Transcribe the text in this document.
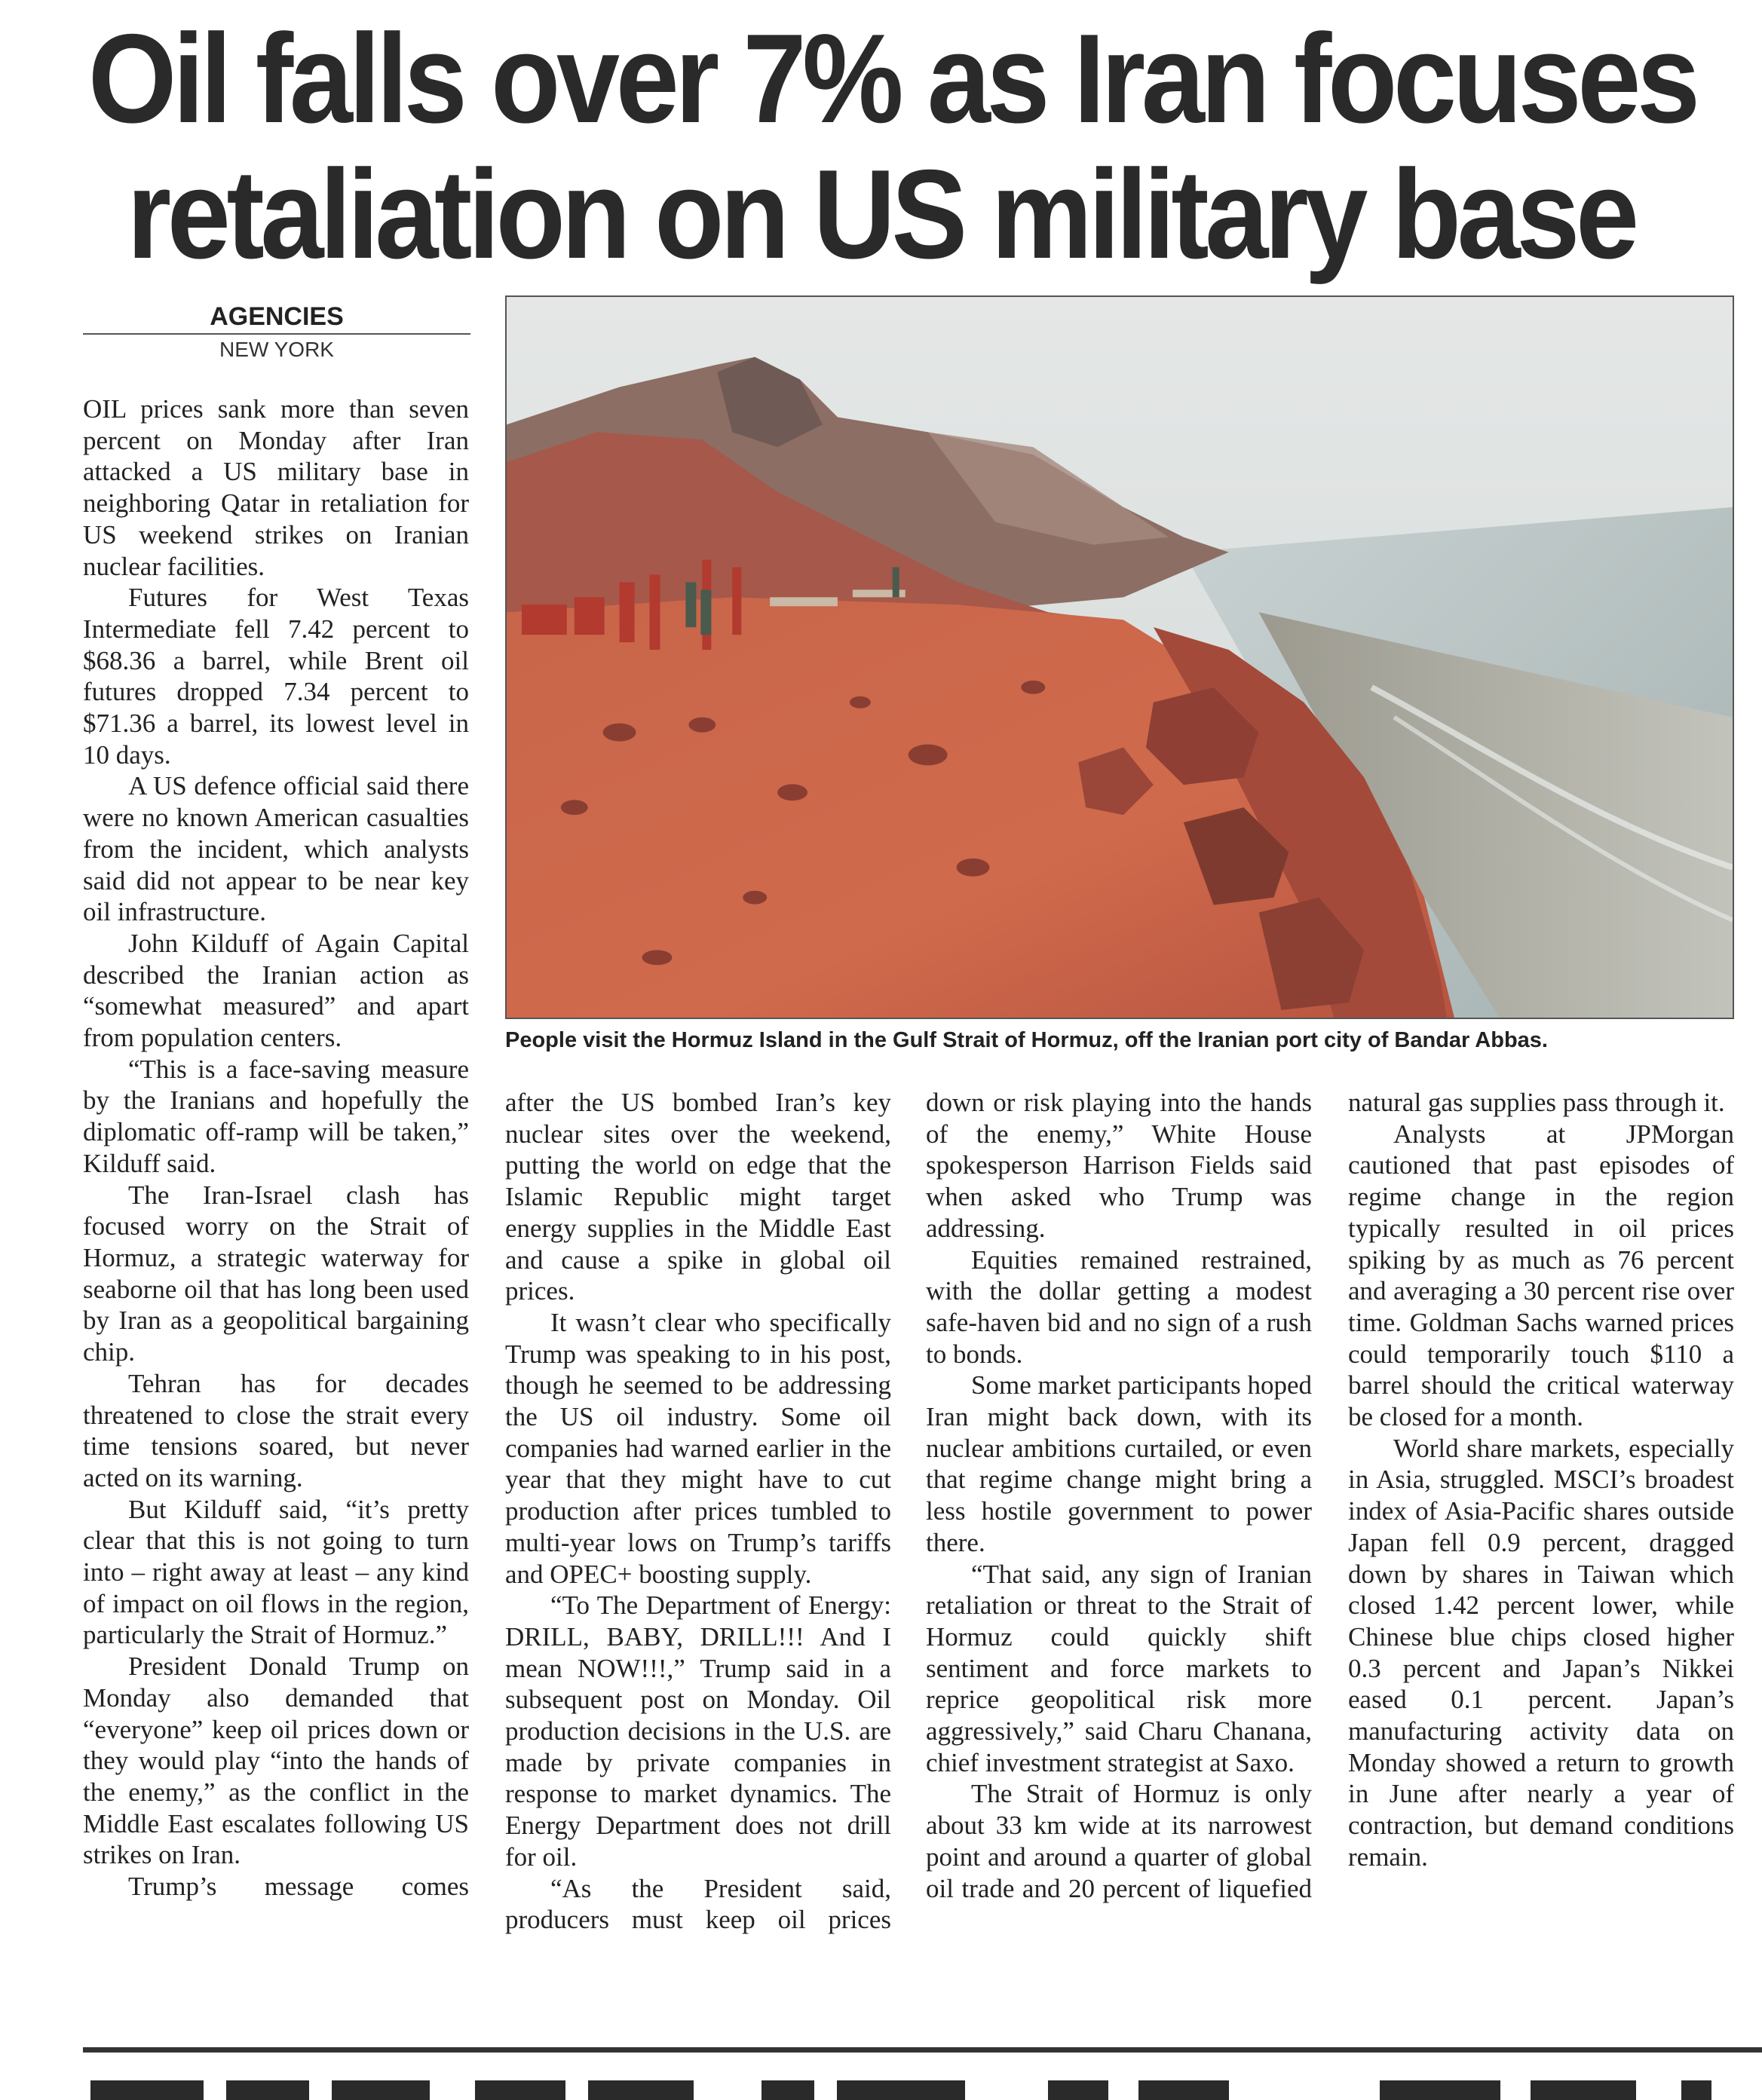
Oil falls over 7% as Iran focuses
retaliation on US military base
AGENCIES
NEW YORK
People visit the Hormuz Island in the Gulf Strait of Hormuz, off the Iranian port city of Bandar Abbas.

OIL prices sank more than seven percent on Monday after Iran attacked a US military base in neighboring Qatar in retaliation for US weekend strikes on Iranian nuclear facilities.

Futures for West Texas Intermediate fell 7.42 percent to $68.36 a barrel, while Brent oil futures dropped 7.34 percent to $71.36 a barrel, its lowest level in 10 days.

A US defence official said there were no known American casualties from the incident, which analysts said did not appear to be near key oil infrastructure.

John Kilduff of Again Capital described the Iranian action as “somewhat measured” and apart from population centers.

“This is a face-saving measure by the Iranians and hopefully the diplomatic off-ramp will be taken,” Kilduff said.

The Iran-Israel clash has focused worry on the Strait of Hormuz, a strategic waterway for seaborne oil that has long been used by Iran as a geopolitical bargaining chip.

Tehran has for decades threatened to close the strait every time tensions soared, but never acted on its warning.

But Kilduff said, “it’s pretty clear that this is not going to turn into – right away at least – any kind of impact on oil flows in the region, particularly the Strait of Hormuz.”

President Donald Trump on Monday also demanded that “everyone” keep oil prices down or they would play “into the hands of the enemy,” as the conflict in the Middle East escalates following US strikes on Iran.

Trump’s message comes

after the US bombed Iran’s key nuclear sites over the weekend, putting the world on edge that the Islamic Republic might target energy supplies in the Middle East and cause a spike in global oil prices.

It wasn’t clear who specifically Trump was speaking to in his post, though he seemed to be addressing the US oil industry. Some oil companies had warned earlier in the year that they might have to cut production after prices tumbled to multi-year lows on Trump’s tariffs and OPEC+ boosting supply.

“To The Department of Energy: DRILL, BABY, DRILL!!! And I mean NOW!!!,” Trump said in a subsequent post on Monday. Oil production decisions in the U.S. are made by private companies in response to market dynamics. The Energy Department does not drill for oil.

“As the President said, producers must keep oil prices

down or risk playing into the hands of the enemy,” White House spokesperson Harrison Fields said when asked who Trump was addressing.

Equities remained restrained, with the dollar getting a modest safe-haven bid and no sign of a rush to bonds.

Some market participants hoped Iran might back down, with its nuclear ambitions curtailed, or even that regime change might bring a less hostile government to power there.

“That said, any sign of Iranian retaliation or threat to the Strait of Hormuz could quickly shift sentiment and force markets to reprice geopolitical risk more aggressively,” said Charu Chanana, chief investment strategist at Saxo.

The Strait of Hormuz is only about 33 km wide at its narrowest point and around a quarter of global oil trade and 20 percent of liquefied

natural gas supplies pass through it.

Analysts at JPMorgan cautioned that past episodes of regime change in the region typically resulted in oil prices spiking by as much as 76 percent and averaging a 30 percent rise over time. Goldman Sachs warned prices could temporarily touch $110 a barrel should the critical waterway be closed for a month.

World share markets, especially in Asia, struggled. MSCI’s broadest index of Asia-Pacific shares outside Japan fell 0.9 percent, dragged down by shares in Taiwan which closed 1.42 percent lower, while Chinese blue chips closed higher 0.3 percent and Japan’s Nikkei eased 0.1 percent. Japan’s manufacturing activity data on Monday showed a return to growth in June after nearly a year of contraction, but demand conditions remain.
